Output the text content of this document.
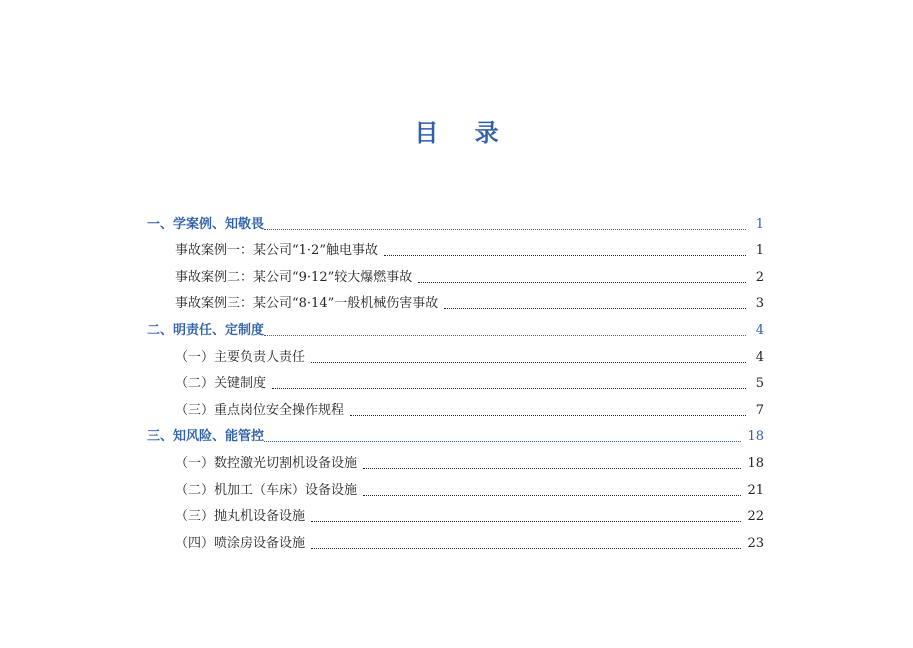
目 录
一、学案例、知敬畏	1
事故案例一：某公司“1·2”触电事故	1
事故案例二：某公司“9·12”较大爆燃事故	2
事故案例三：某公司“8·14”一般机械伤害事故	3
二、明责任、定制度	4
（一）主要负责人责任	4
（二）关键制度	5
（三）重点岗位安全操作规程	7
三、知风险、能管控	18
（一）数控激光切割机设备设施	18
（二）机加工（车床）设备设施	21
（三）抛丸机设备设施	22
（四）喷涂房设备设施	23
